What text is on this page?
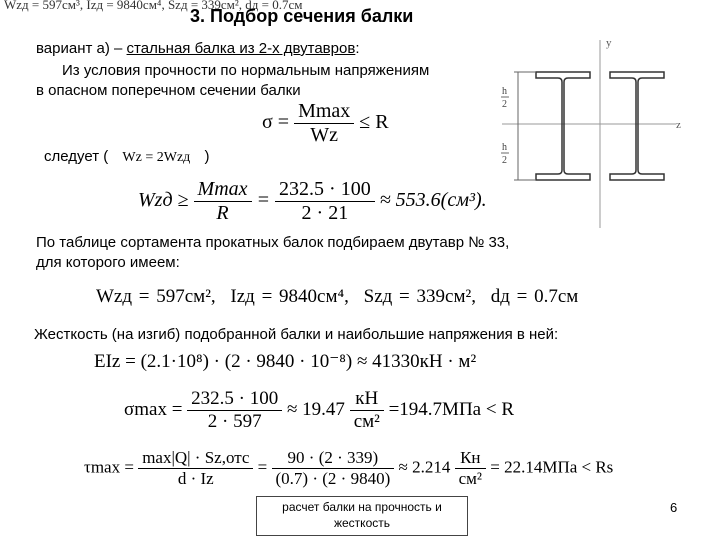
Wzд = 597см³, Izд = 9840см⁴, Szд = 339см², dд = 0.7см
3. Подбор сечения балки
вариант а) – стальная балка из 2-х двутавров:
Из условия прочности по нормальным напряжениям
в опасном поперечном сечении балки
$\sigma = \frac{Mmax}{Wz} \le R$
следует ( Wz = 2Wzд )
Wzд ≥ $\frac{Mmax}{R} = \frac{232.5 \cdot 100}{2 \cdot 21} \approx 553.6(см^3)$.
По таблице сортамента прокатных балок подбираем двутавр № 33,
для которого имеем:
Wzд = 597см², Izд = 9840см⁴, Szд = 339см², dд = 0.7см
Жесткость (на изгиб) подобранной балки и наибольшие напряжения в ней:
EIz = (2.1·10⁸) · (2 · 9840 · 10⁻⁸) ≈ 41330кН · м²
$\sigma\max = \frac{232.5 \cdot 100}{2 \cdot 597} \approx 19.47 \frac{кН}{\text{см²}} =194.7МПа < R$
$\tau\max = \frac{\text{max|Q| · Sz,отс}}{d \cdot Iz} = \frac{90 \cdot (2 \cdot 339)}{(0.7) \cdot (2 \cdot 9840)} \approx 2.214 \frac{Кн}{\text{см²}} = 22.14МПа < Rs$
y
z
h
2
h
2
расчет балки на прочность и
жесткость
6
